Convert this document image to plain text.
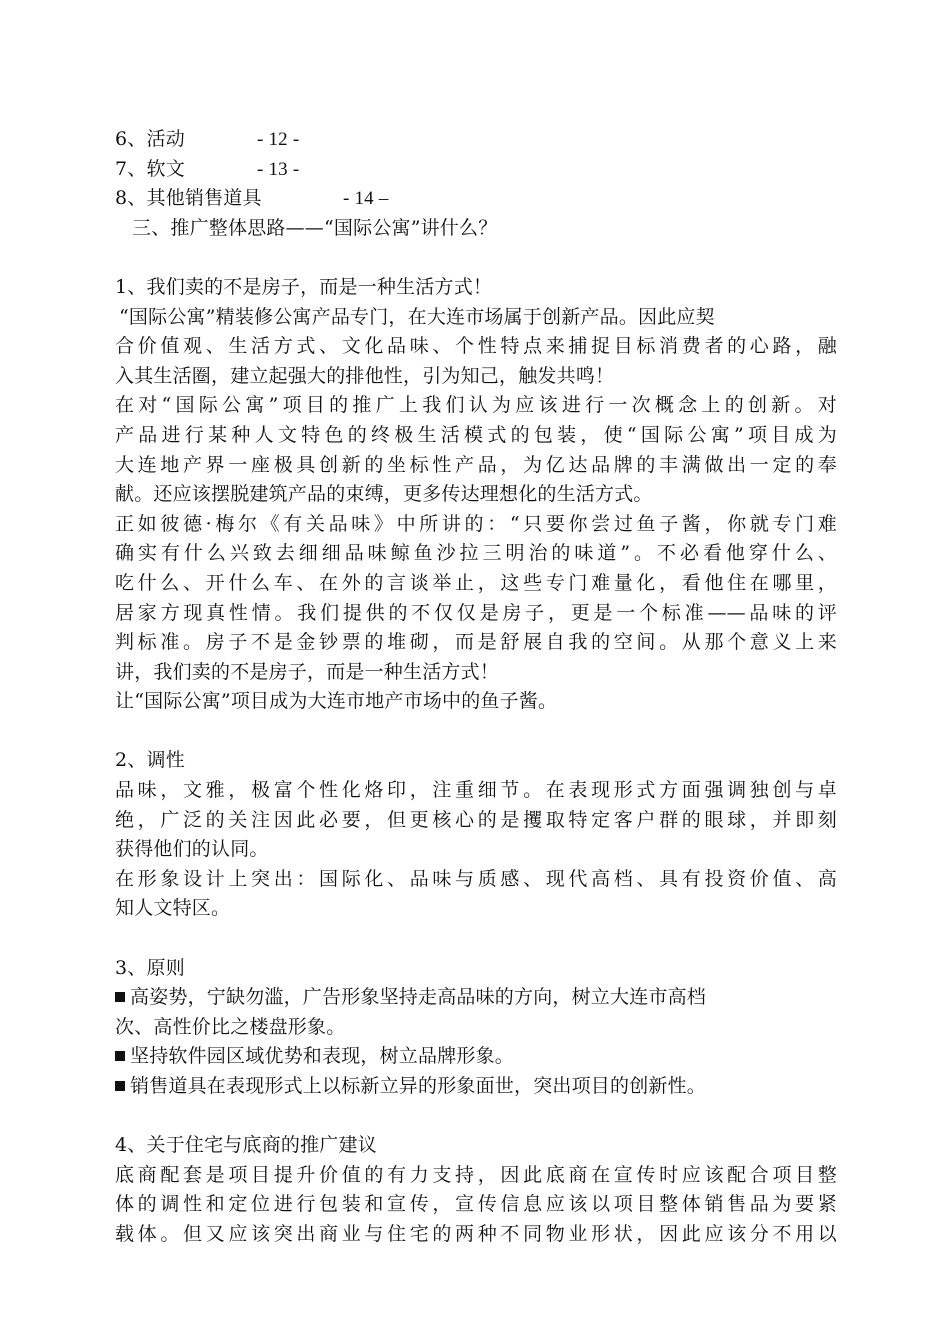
6、活动	- 12 -
7、软文	- 13 -
8、其他销售道具	- 14 –
三、推广整体思路——“国际公寓”讲什么？
1、我们卖的不是房子，而是一种生活方式！
“国际公寓”精装修公寓产品专门，在大连市场属于创新产品。因此应契
合价值观、生活方式、文化品味、个性特点来捕捉目标消费者的心路，融
入其生活圈，建立起强大的排他性，引为知己，触发共鸣！
在对“国际公寓”项目的推广上我们认为应该进行一次概念上的创新。对
产品进行某种人文特色的终极生活模式的包装，使“国际公寓”项目成为
大连地产界一座极具创新的坐标性产品，为亿达品牌的丰满做出一定的奉
献。还应该摆脱建筑产品的束缚，更多传达理想化的生活方式。
正如彼德·梅尔《有关品味》中所讲的：“只要你尝过鱼子酱，你就专门难
确实有什么兴致去细细品味鲸鱼沙拉三明治的味道”。不必看他穿什么、
吃什么、开什么车、在外的言谈举止，这些专门难量化，看他住在哪里，
居家方现真性情。我们提供的不仅仅是房子，更是一个标准——品味的评
判标准。房子不是金钞票的堆砌，而是舒展自我的空间。从那个意义上来
讲，我们卖的不是房子，而是一种生活方式！
让“国际公寓”项目成为大连市地产市场中的鱼子酱。
2、调性
品味，文雅，极富个性化烙印，注重细节。在表现形式方面强调独创与卓
绝，广泛的关注因此必要，但更核心的是攫取特定客户群的眼球，并即刻
获得他们的认同。
在形象设计上突出：国际化、品味与质感、现代高档、具有投资价值、高
知人文特区。
3、原则
高姿势，宁缺勿滥，广告形象坚持走高品味的方向，树立大连市高档
次、高性价比之楼盘形象。
坚持软件园区域优势和表现，树立品牌形象。
销售道具在表现形式上以标新立异的形象面世，突出项目的创新性。
4、关于住宅与底商的推广建议
底商配套是项目提升价值的有力支持，因此底商在宣传时应该配合项目整
体的调性和定位进行包装和宣传，宣传信息应该以项目整体销售品为要紧
载体。但又应该突出商业与住宅的两种不同物业形状，因此应该分不用以
